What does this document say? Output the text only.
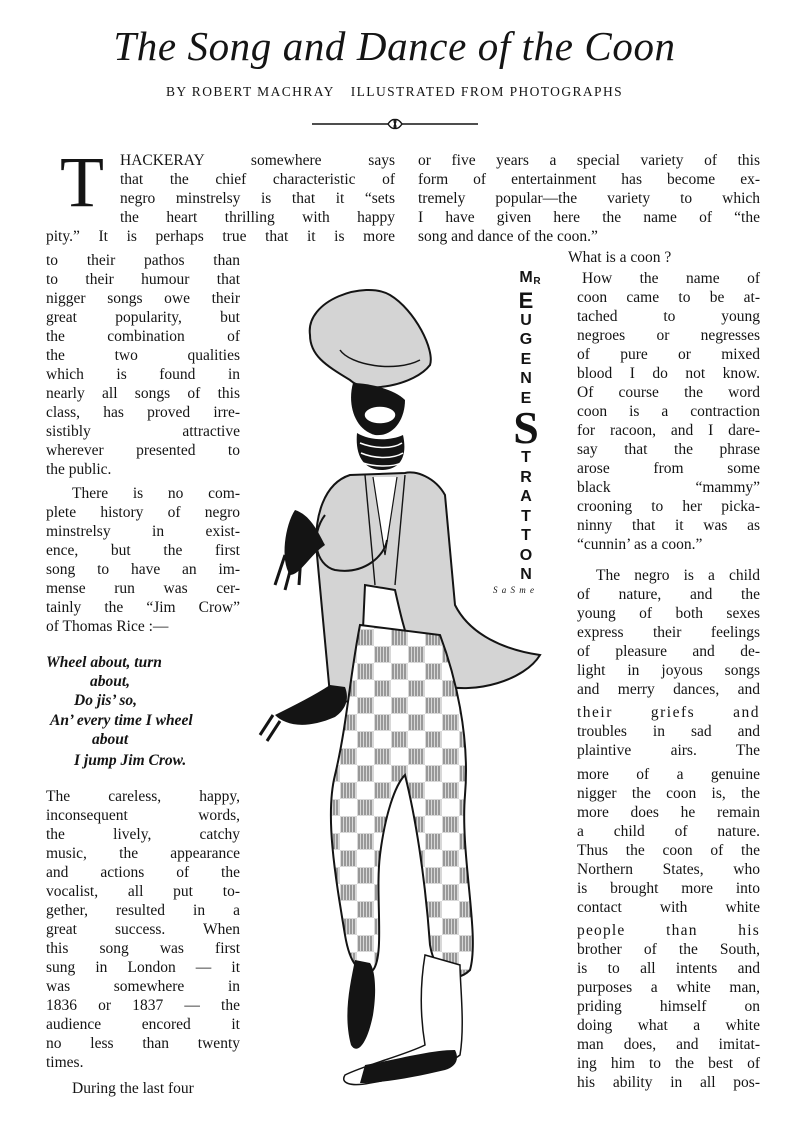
The Song and Dance of the Coon
BY ROBERT MACHRAY ILLUSTRATED FROM PHOTOGRAPHS
T HACKERAY somewhere says

that the chief characteristic of

negro minstrelsy is that it “sets

the heart thrilling with happy

pity.” It is perhaps true that it is more

or five years a special variety of this

form of entertainment has become ex-

tremely popular—the variety to which

I have given here the name of “the

song and dance of the coon.”

to their pathos than

to their humour that

nigger songs owe their

great popularity, but

the combination of

the two qualities

which is found in

nearly all songs of this

class, has proved irre-

sistibly attractive

wherever presented to

the public.

There is no com-

plete history of negro

minstrelsy in exist-

ence, but the first

song to have an im-

mense run was cer-

tainly the “Jim Crow”

of Thomas Rice :—

Wheel about, turn

about,

Do jis’ so,

An’ every time I wheel

about

I jump Jim Crow.

The careless, happy,

inconsequent words,

the lively, catchy

music, the appearance

and actions of the

vocalist, all put to-

gether, resulted in a

great success. When

this song was first

sung in London — it

was somewhere in

1836 or 1837 — the

audience encored it

no less than twenty

times.

During the last four

What is a coon ?

How the name of

coon came to be at-

tached to young

negroes or negresses

of pure or mixed

blood I do not know.

Of course the word

coon is a contraction

for racoon, and I dare-

say that the phrase

arose from some

black “mammy”

crooning to her picka-

ninny that it was as

“cunnin’ as a coon.”

The negro is a child

of nature, and the

young of both sexes

express their feelings

of pleasure and de-

light in joyous songs

and merry dances, and

their griefs and

troubles in sad and

plaintive airs. The

more of a genuine

nigger the coon is, the

more does he remain

a child of nature.

Thus the coon of the

Northern States, who

is brought more into

contact with white

people than his

brother of the South,

is to all intents and

purposes a white man,

priding himself on

doing what a white

man does, and imitat-

ing him to the best of

his ability in all pos-

M R
E
U
G
E
N
E
S
T
R
A
T
T
O
N
S a S m e
